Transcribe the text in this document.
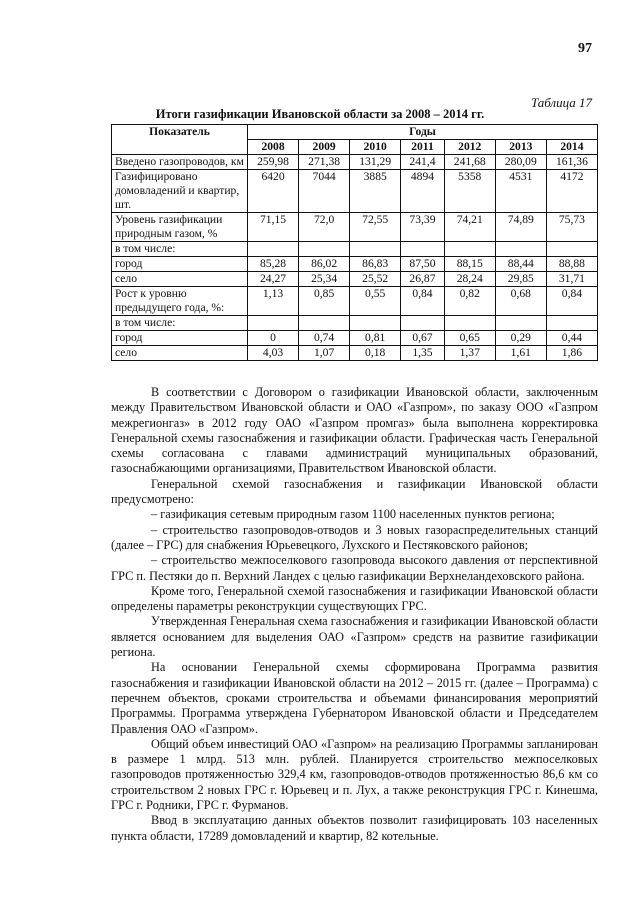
97
Таблица 17
Итоги газификации Ивановской области за 2008 – 2014 гг.
Показатель	Годы						
	2008	2009	2010	2011	2012	2013	2014
Введено газопроводов, км	259,98	271,38	131,29	241,4	241,68	280,09	161,36
Газифицировано домовладений и квартир, шт.	6420	7044	3885	4894	5358	4531	4172
Уровень газификации природным газом, %	71,15	72,0	72,55	73,39	74,21	74,89	75,73
в том числе:							
город	85,28	86,02	86,83	87,50	88,15	88,44	88,88
село	24,27	25,34	25,52	26,87	28,24	29,85	31,71
Рост к уровню предыдущего года, %:	1,13	0,85	0,55	0,84	0,82	0,68	0,84
в том числе:							
город	0	0,74	0,81	0,67	0,65	0,29	0,44
село	4,03	1,07	0,18	1,35	1,37	1,61	1,86

В соответствии с Договором о газификации Ивановской области, заключенным между Правительством Ивановской области и ОАО «Газпром», по заказу ООО «Газпром межрегионгаз» в 2012 году ОАО «Газпром промгаз» была выполнена корректировка Генеральной схемы газоснабжения и газификации области. Графическая часть Генеральной схемы согласована с главами администраций муниципальных образований, газоснабжающими организациями, Правительством Ивановской области.

Генеральной схемой газоснабжения и газификации Ивановской области предусмотрено:

– газификация сетевым природным газом 1100 населенных пунктов региона;

– строительство газопроводов-отводов и 3 новых газораспределительных станций (далее – ГРС) для снабжения Юрьевецкого, Лухского и Пестяковского районов;

– строительство межпоселкового газопровода высокого давления от перспективной ГРС п. Пестяки до п. Верхний Ландех с целью газификации Верхнеландеховского района.

Кроме того, Генеральной схемой газоснабжения и газификации Ивановской области определены параметры реконструкции существующих ГРС.

Утвержденная Генеральная схема газоснабжения и газификации Ивановской области является основанием для выделения ОАО «Газпром» средств на развитие газификации региона.

На основании Генеральной схемы сформирована Программа развития газоснабжения и газификации Ивановской области на 2012 – 2015 гг. (далее – Программа) с перечнем объектов, сроками строительства и объемами финансирования мероприятий Программы. Программа утверждена Губернатором Ивановской области и Председателем Правления ОАО «Газпром».

Общий объем инвестиций ОАО «Газпром» на реализацию Программы запланирован в размере 1 млрд. 513 млн. рублей. Планируется строительство межпоселковых газопроводов протяженностью 329,4 км, газопроводов-отводов протяженностью 86,6 км со строительством 2 новых ГРС г. Юрьевец и п. Лух, а также реконструкция ГРС г. Кинешма, ГРС г. Родники, ГРС г. Фурманов.

Ввод в эксплуатацию данных объектов позволит газифицировать 103 населенных пункта области, 17289 домовладений и квартир, 82 котельные.
